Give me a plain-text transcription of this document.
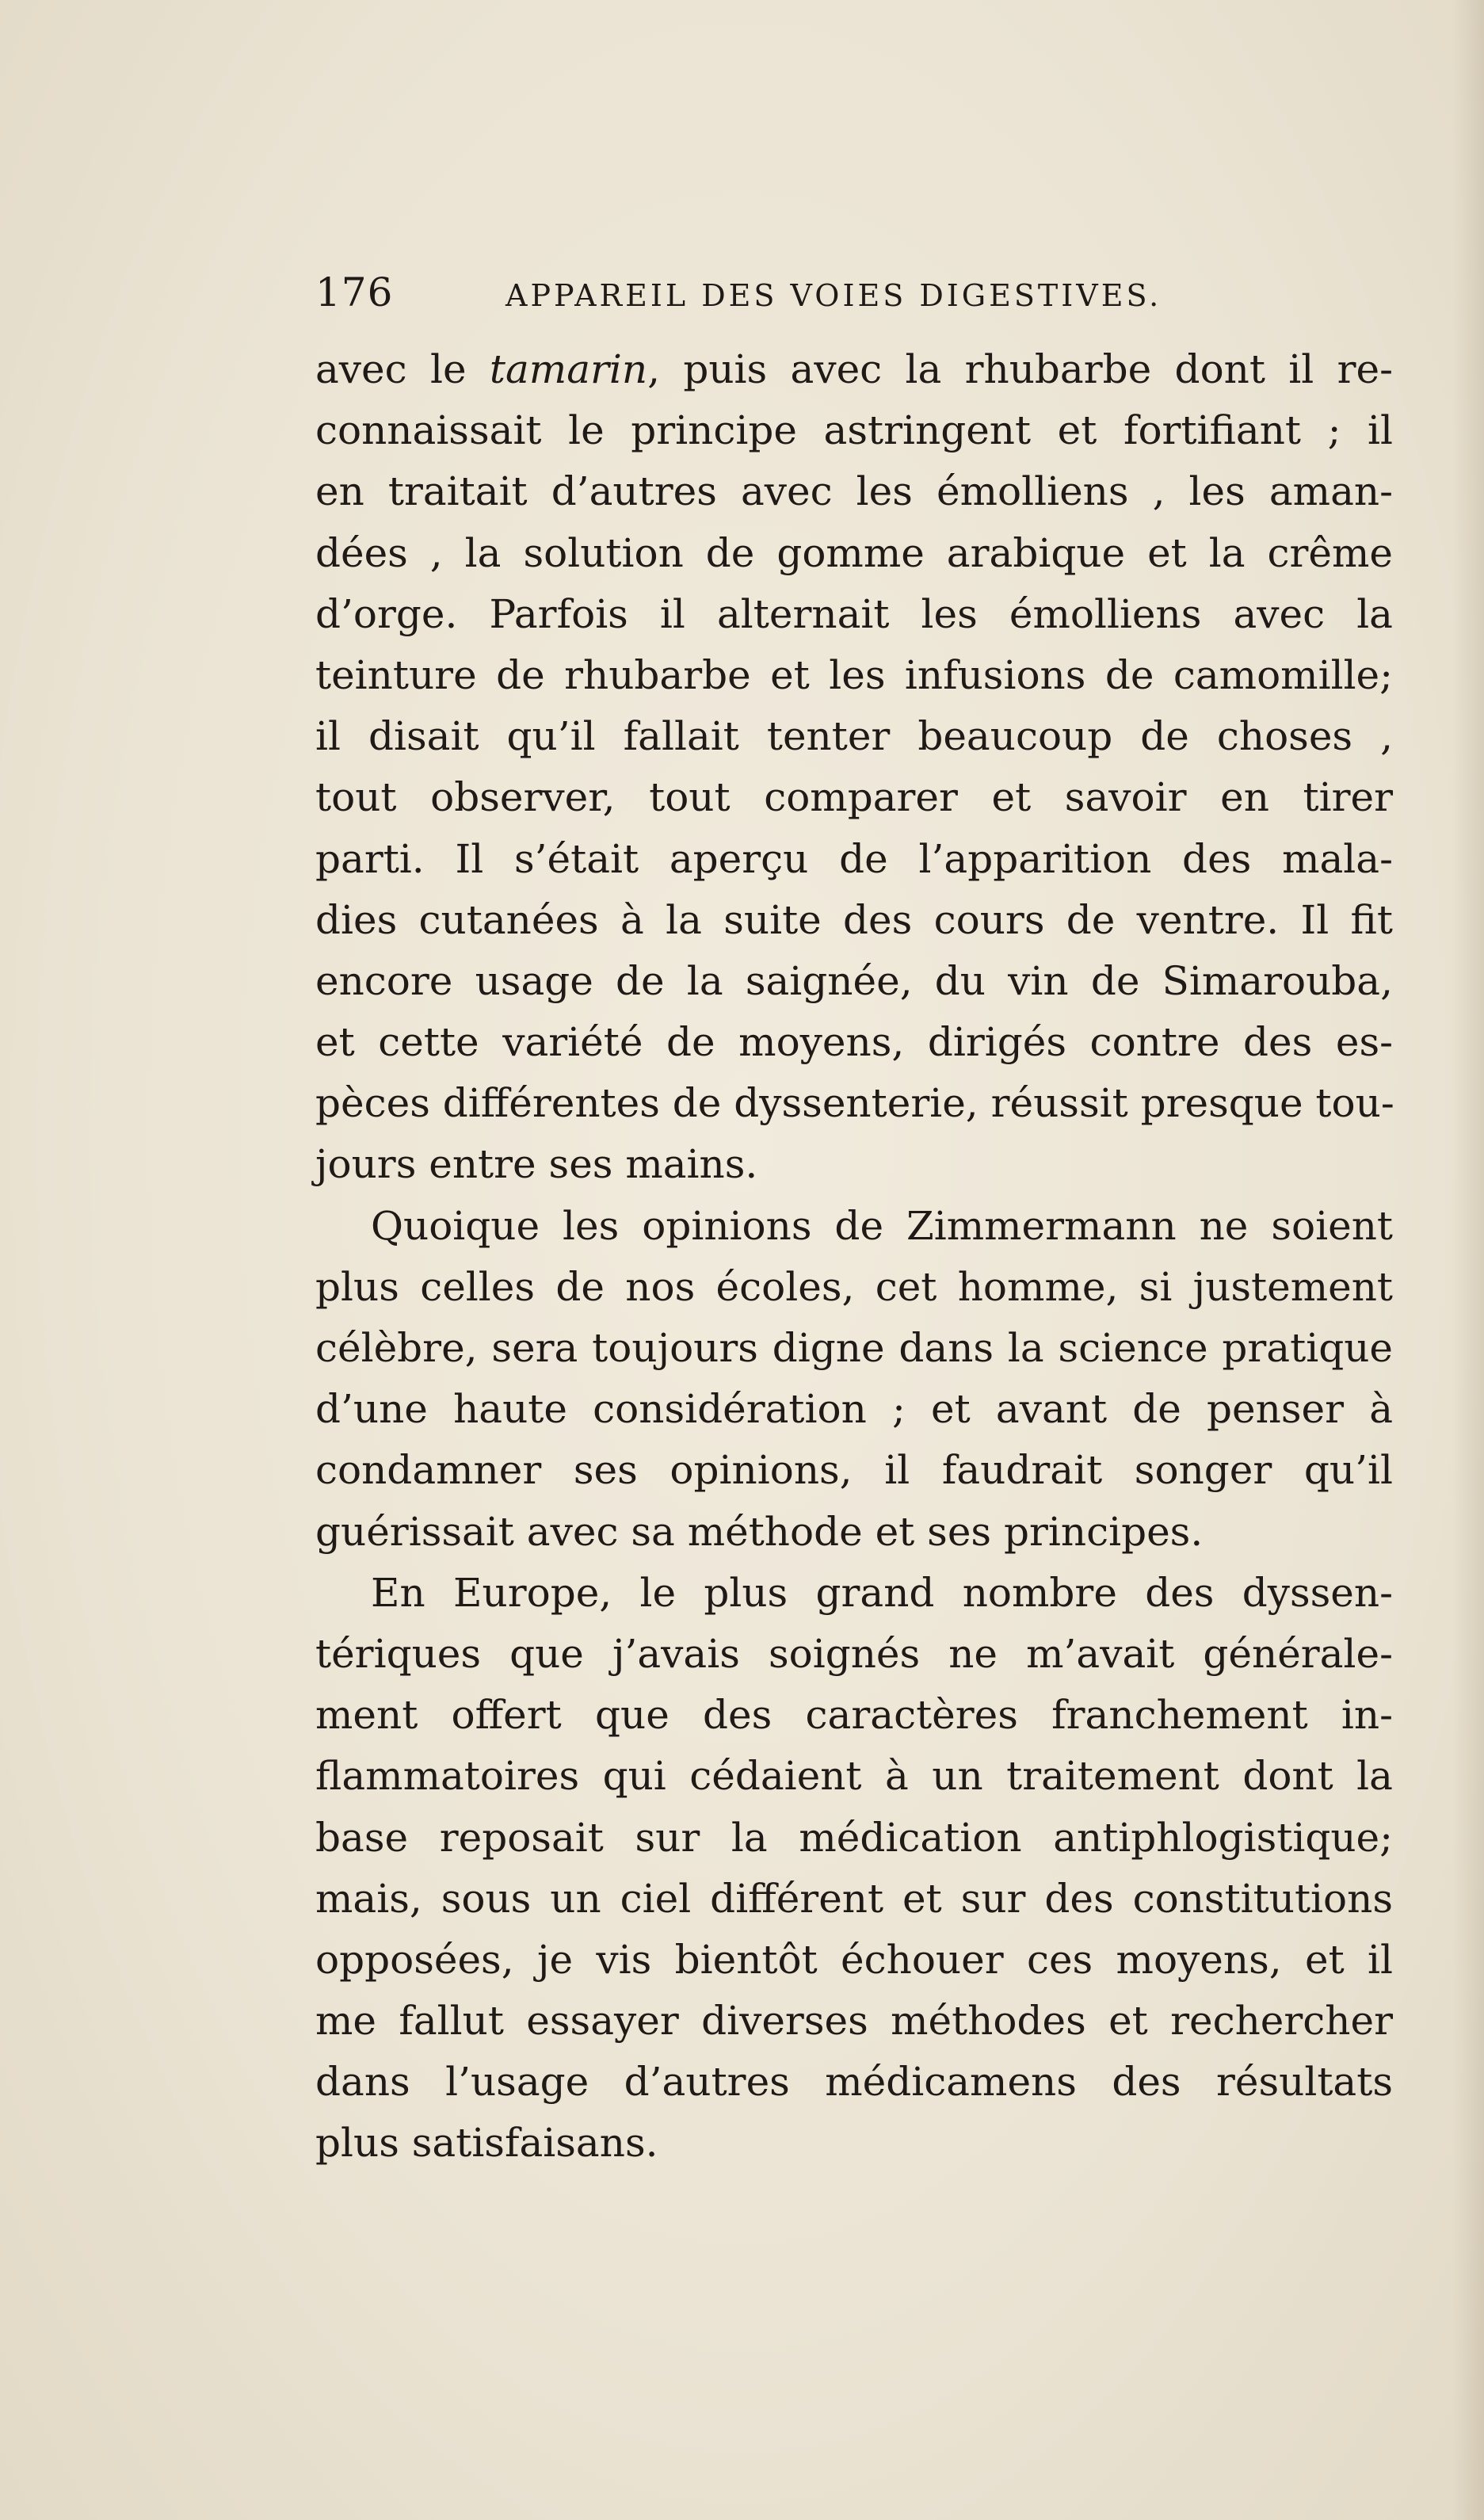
176	APPAREIL DES VOIES DIGESTIVES.
avec le tamarin, puis avec la rhubarbe dont il re-
connaissait le principe astringent et fortifiant ; il
en traitait d’autres avec les émolliens , les aman-
dées , la solution de gomme arabique et la crême
d’orge. Parfois il alternait les émolliens avec la
teinture de rhubarbe et les infusions de camomille;
il disait qu’il fallait tenter beaucoup de choses ,
tout observer, tout comparer et savoir en tirer
parti. Il s’était aperçu de l’apparition des mala-
dies cutanées à la suite des cours de ventre. Il fit
encore usage de la saignée, du vin de Simarouba,
et cette variété de moyens, dirigés contre des es-
pèces différentes de dyssenterie, réussit presque tou-
jours entre ses mains.
Quoique les opinions de Zimmermann ne soient
plus celles de nos écoles, cet homme, si justement
célèbre, sera toujours digne dans la science pratique
d’une haute considération ; et avant de penser à
condamner ses opinions, il faudrait songer qu’il
guérissait avec sa méthode et ses principes.
En Europe, le plus grand nombre des dyssen-
tériques que j’avais soignés ne m’avait générale-
ment offert que des caractères franchement in-
flammatoires qui cédaient à un traitement dont la
base reposait sur la médication antiphlogistique;
mais, sous un ciel différent et sur des constitutions
opposées, je vis bientôt échouer ces moyens, et il
me fallut essayer diverses méthodes et rechercher
dans l’usage d’autres médicamens des résultats
plus satisfaisans.
